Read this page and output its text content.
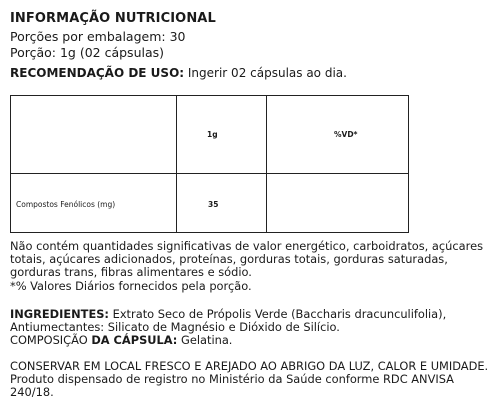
INFORMAÇÃO NUTRICIONAL
Porções por embalagem: 30
Porção: 1g (02 cápsulas)
RECOMENDAÇÃO DE USO: Ingerir 02 cápsulas ao dia.
1g	%VD*
Compostos Fenólicos (mg)	35
Não contém quantidades significativas de valor energético, carboidratos, açúcares
totais, açúcares adicionados, proteínas, gorduras totais, gorduras saturadas,
gorduras trans, fibras alimentares e sódio.
*% Valores Diários fornecidos pela porção.
INGREDIENTES: Extrato Seco de Própolis Verde (Baccharis dracunculifolia),
Antiumectantes: Silicato de Magnésio e Dióxido de Silício.
COMPOSIÇÃO DA CÁPSULA: Gelatina.
CONSERVAR EM LOCAL FRESCO E AREJADO AO ABRIGO DA LUZ, CALOR E UMIDADE.
Produto dispensado de registro no Ministério da Saúde conforme RDC ANVISA
240/18.
